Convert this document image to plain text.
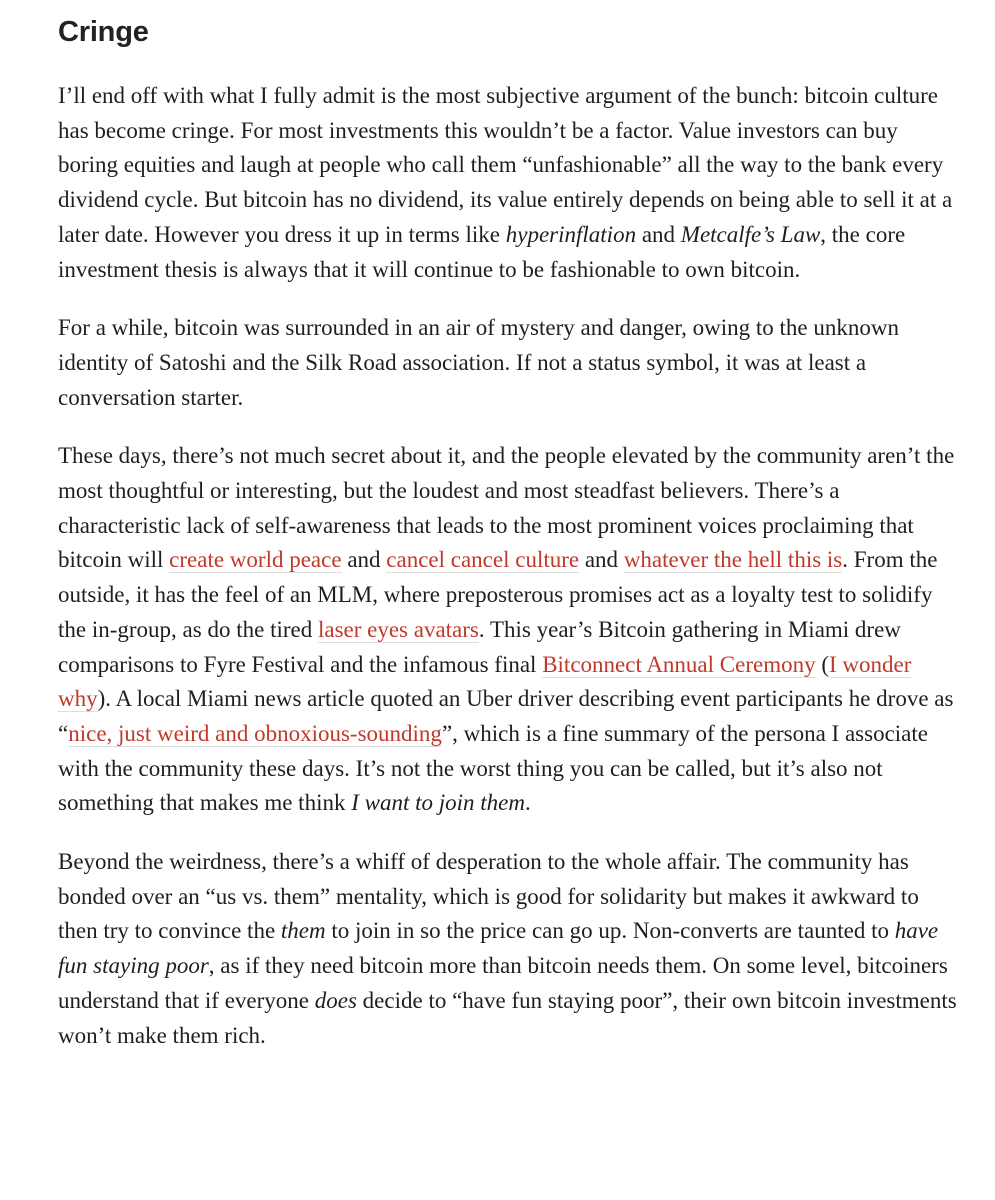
Cringe

I’ll end off with what I fully admit is the most subjective argument of the bunch: bitcoin culture has become cringe. For most investments this wouldn’t be a factor. Value investors can buy boring equities and laugh at people who call them “unfashionable” all the way to the bank every dividend cycle. But bitcoin has no dividend, its value entirely depends on being able to sell it at a later date. However you dress it up in terms like hyperinflation and Metcalfe’s Law, the core investment thesis is always that it will continue to be fashionable to own bitcoin.

For a while, bitcoin was surrounded in an air of mystery and danger, owing to the unknown identity of Satoshi and the Silk Road association. If not a status symbol, it was at least a conversation starter.

These days, there’s not much secret about it, and the people elevated by the community aren’t the most thoughtful or interesting, but the loudest and most steadfast believers. There’s a characteristic lack of self-awareness that leads to the most prominent voices proclaiming that bitcoin will create world peace and cancel cancel culture and whatever the hell this is. From the outside, it has the feel of an MLM, where preposterous promises act as a loyalty test to solidify the in-group, as do the tired laser eyes avatars. This year’s Bitcoin gathering in Miami drew comparisons to Fyre Festival and the infamous final Bitconnect Annual Ceremony (I wonder why). A local Miami news article quoted an Uber driver describing event participants he drove as “nice, just weird and obnoxious-sounding”, which is a fine summary of the persona I associate with the community these days. It’s not the worst thing you can be called, but it’s also not something that makes me think I want to join them.

Beyond the weirdness, there’s a whiff of desperation to the whole affair. The community has bonded over an “us vs. them” mentality, which is good for solidarity but makes it awkward to then try to convince the them to join in so the price can go up. Non-converts are taunted to have fun staying poor, as if they need bitcoin more than bitcoin needs them. On some level, bitcoiners understand that if everyone does decide to “have fun staying poor”, their own bitcoin investments won’t make them rich.
